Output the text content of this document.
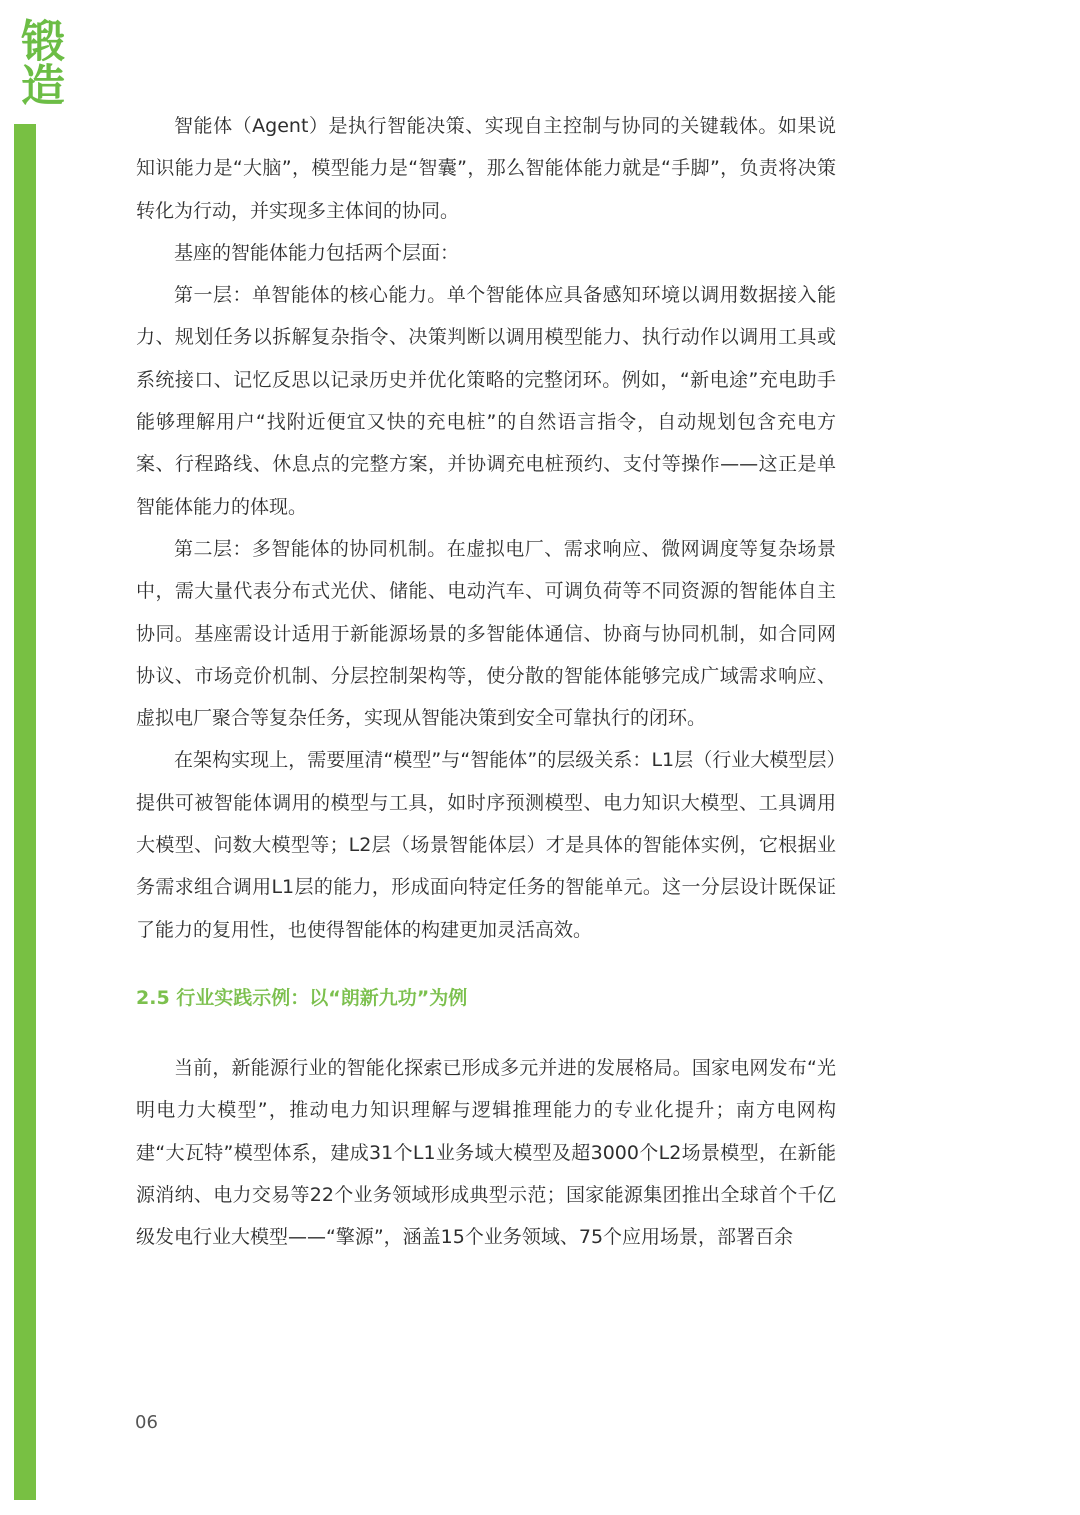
锻造

智能体（Agent）是执行智能决策、实现自主控制与协同的关键载体。如果说知识能力是“大脑”，模型能力是“智囊”，那么智能体能力就是“手脚”，负责将决策转化为行动，并实现多主体间的协同。

基座的智能体能力包括两个层面：

第一层：单智能体的核心能力。单个智能体应具备感知环境以调用数据接入能力、规划任务以拆解复杂指令、决策判断以调用模型能力、执行动作以调用工具或系统接口、记忆反思以记录历史并优化策略的完整闭环。例如，“新电途”充电助手能够理解用户“找附近便宜又快的充电桩”的自然语言指令，自动规划包含充电方案、行程路线、休息点的完整方案，并协调充电桩预约、支付等操作——这正是单智能体能力的体现。

第二层：多智能体的协同机制。在虚拟电厂、需求响应、微网调度等复杂场景中，需大量代表分布式光伏、储能、电动汽车、可调负荷等不同资源的智能体自主协同。基座需设计适用于新能源场景的多智能体通信、协商与协同机制，如合同网协议、市场竞价机制、分层控制架构等，使分散的智能体能够完成广域需求响应、虚拟电厂聚合等复杂任务，实现从智能决策到安全可靠执行的闭环。

在架构实现上，需要厘清“模型”与“智能体”的层级关系：L1层（行业大模型层）提供可被智能体调用的模型与工具，如时序预测模型、电力知识大模型、工具调用大模型、问数大模型等；L2层（场景智能体层）才是具体的智能体实例，它根据业务需求组合调用L1层的能力，形成面向特定任务的智能单元。这一分层设计既保证了能力的复用性，也使得智能体的构建更加灵活高效。

2.5 行业实践示例：以“朗新九功”为例

当前，新能源行业的智能化探索已形成多元并进的发展格局。国家电网发布“光明电力大模型”，推动电力知识理解与逻辑推理能力的专业化提升；南方电网构建“大瓦特”模型体系，建成31个L1业务域大模型及超3000个L2场景模型，在新能源消纳、电力交易等22个业务领域形成典型示范；国家能源集团推出全球首个千亿级发电行业大模型——“擎源”，涵盖15个业务领域、75个应用场景，部署百余

06
